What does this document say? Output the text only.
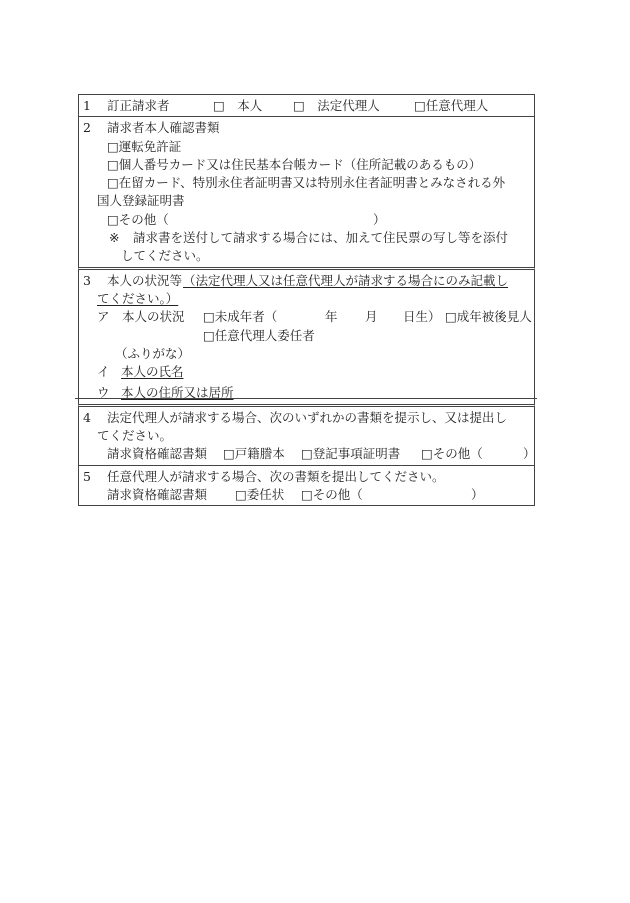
1 訂正請求者	□　本人 □　法定代理人	□任意代理人
2 請求者本人確認書類
□運転免許証
□個人番号カード又は住民基本台帳カード（住所記載のあるもの）
□在留カード、特別永住者証明書又は特別永住者証明書とみなされる外
国人登録証明書
□その他（	）
※ 請求書を送付して請求する場合には、加えて住民票の写し等を添付
してください。
3 本人の状況等 （法定代理人又は任意代理人が請求する場合にのみ記載し
てください。）
ア　本人の状況 □未成年者（	年 月 日生） □成年被後見人
□任意代理人委任者
（ふりがな）
イ 本人の氏名
ウ 本人の住所又は居所
4 法定代理人が請求する場合、次のいずれかの書類を提示し、又は提出し
てください。
請求資格確認書類 □戸籍謄本 □登記事項証明書 □その他（	）
5 任意代理人が請求する場合、次の書類を提出してください。
請求資格確認書類 □委任状 □その他（	）
